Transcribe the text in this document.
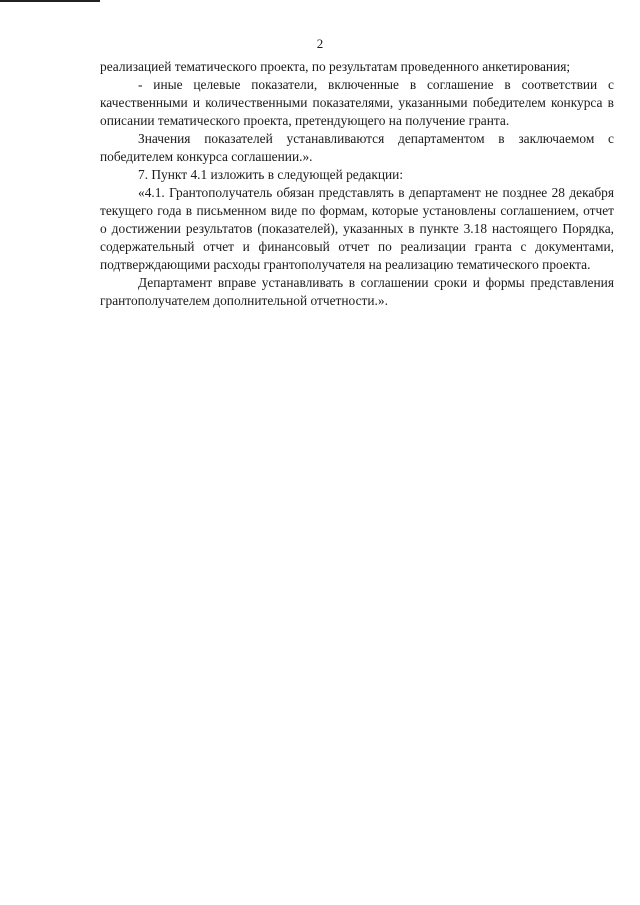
2

реализацией тематического проекта, по результатам проведенного анкетирования;

- иные целевые показатели, включенные в соглашение в соответствии с качественными и количественными показателями, указанными победителем конкурса в описании тематического проекта, претендующего на получение гранта.

Значения показателей устанавливаются департаментом в заключаемом с победителем конкурса соглашении.».

7. Пункт 4.1 изложить в следующей редакции:

«4.1. Грантополучатель обязан представлять в департамент не позднее 28 декабря текущего года в письменном виде по формам, которые установлены соглашением, отчет о достижении результатов (показателей), указанных в пункте 3.18 настоящего Порядка, содержательный отчет и финансовый отчет по реализации гранта с документами, подтверждающими расходы грантополучателя на реализацию тематического проекта.

Департамент вправе устанавливать в соглашении сроки и формы представления грантополучателем дополнительной отчетности.».
